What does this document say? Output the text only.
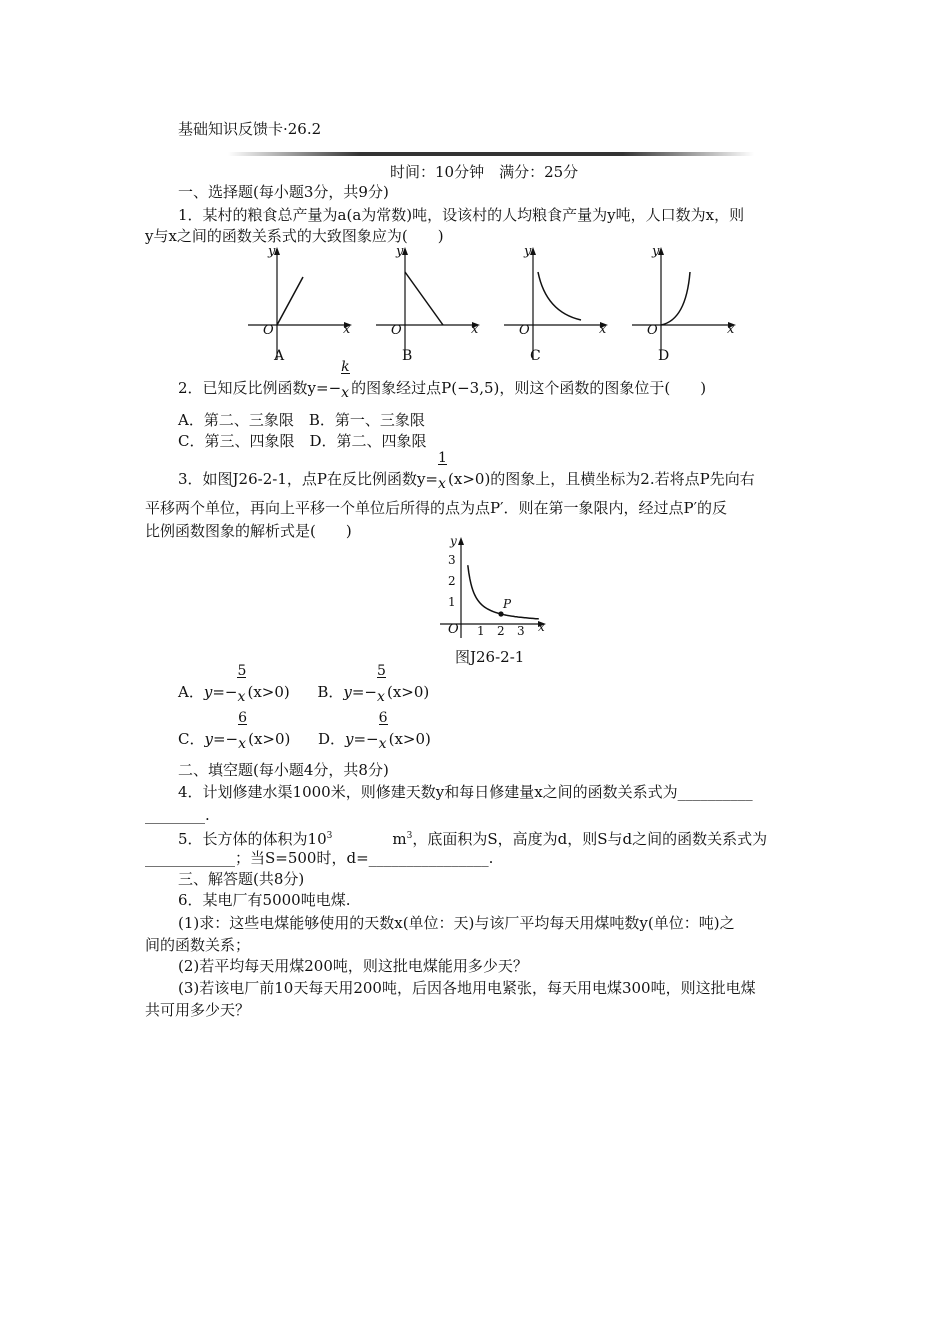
基础知识反馈卡·26.2
时间：10分钟　满分：25分
一、选择题(每小题3分，共9分)
1．某村的粮食总产量为a(a为常数)吨，设该村的人均粮食产量为y吨，人口数为x，则
y与x之间的函数关系式的大致图象应为(　　)
y
x
O
A
y
x
O
B
y
x
O
C
y
x
O
D
2．已知反比例函数$y=- \frac{k}{x}$ 的图象经过点P(−3,5)，则这个函数的图象位于(　　)
A．第二、三象限　 B．第一、三象限
C．第三、四象限　 D．第二、四象限
3．如图J26-2-1，点P在反比例函数$y= \frac{1}{x} (x>0)$的图象上，且横坐标为2.若将点P先向右
平移两个单位，再向上平移一个单位后所得的点为点P′．则在第一象限内，经过点P′的反
比例函数图象的解析式是(　　)
y
x
O
3
2
1
1 2 3
P
图J26-2-1
A．$y=- \frac{5}{x} (x>0)$ B．$y=- \frac{5}{x} (x>0)$
C．$y=- \frac{6}{x} (x>0)$ D．$y=- \frac{6}{x} (x>0)$
二、填空题(每小题4分，共8分)
4．计划修建水渠1000米，则修建天数y和每日修建量x之间的函数关系式为__________
________.
5．长方体的体积为$10^3$	$m^3$，底面积为S，高度为d，则S与d之间的函数关系式为
____________；当S=500时，d=________________.
三、解答题(共8分)
6．某电厂有5000吨电煤.
(1)求：这些电煤能够使用的天数x(单位：天)与该厂平均每天用煤吨数y(单位：吨)之
间的函数关系；
(2)若平均每天用煤200吨，则这批电煤能用多少天？
(3)若该电厂前10天每天用200吨，后因各地用电紧张，每天用电煤300吨，则这批电煤
共可用多少天？
